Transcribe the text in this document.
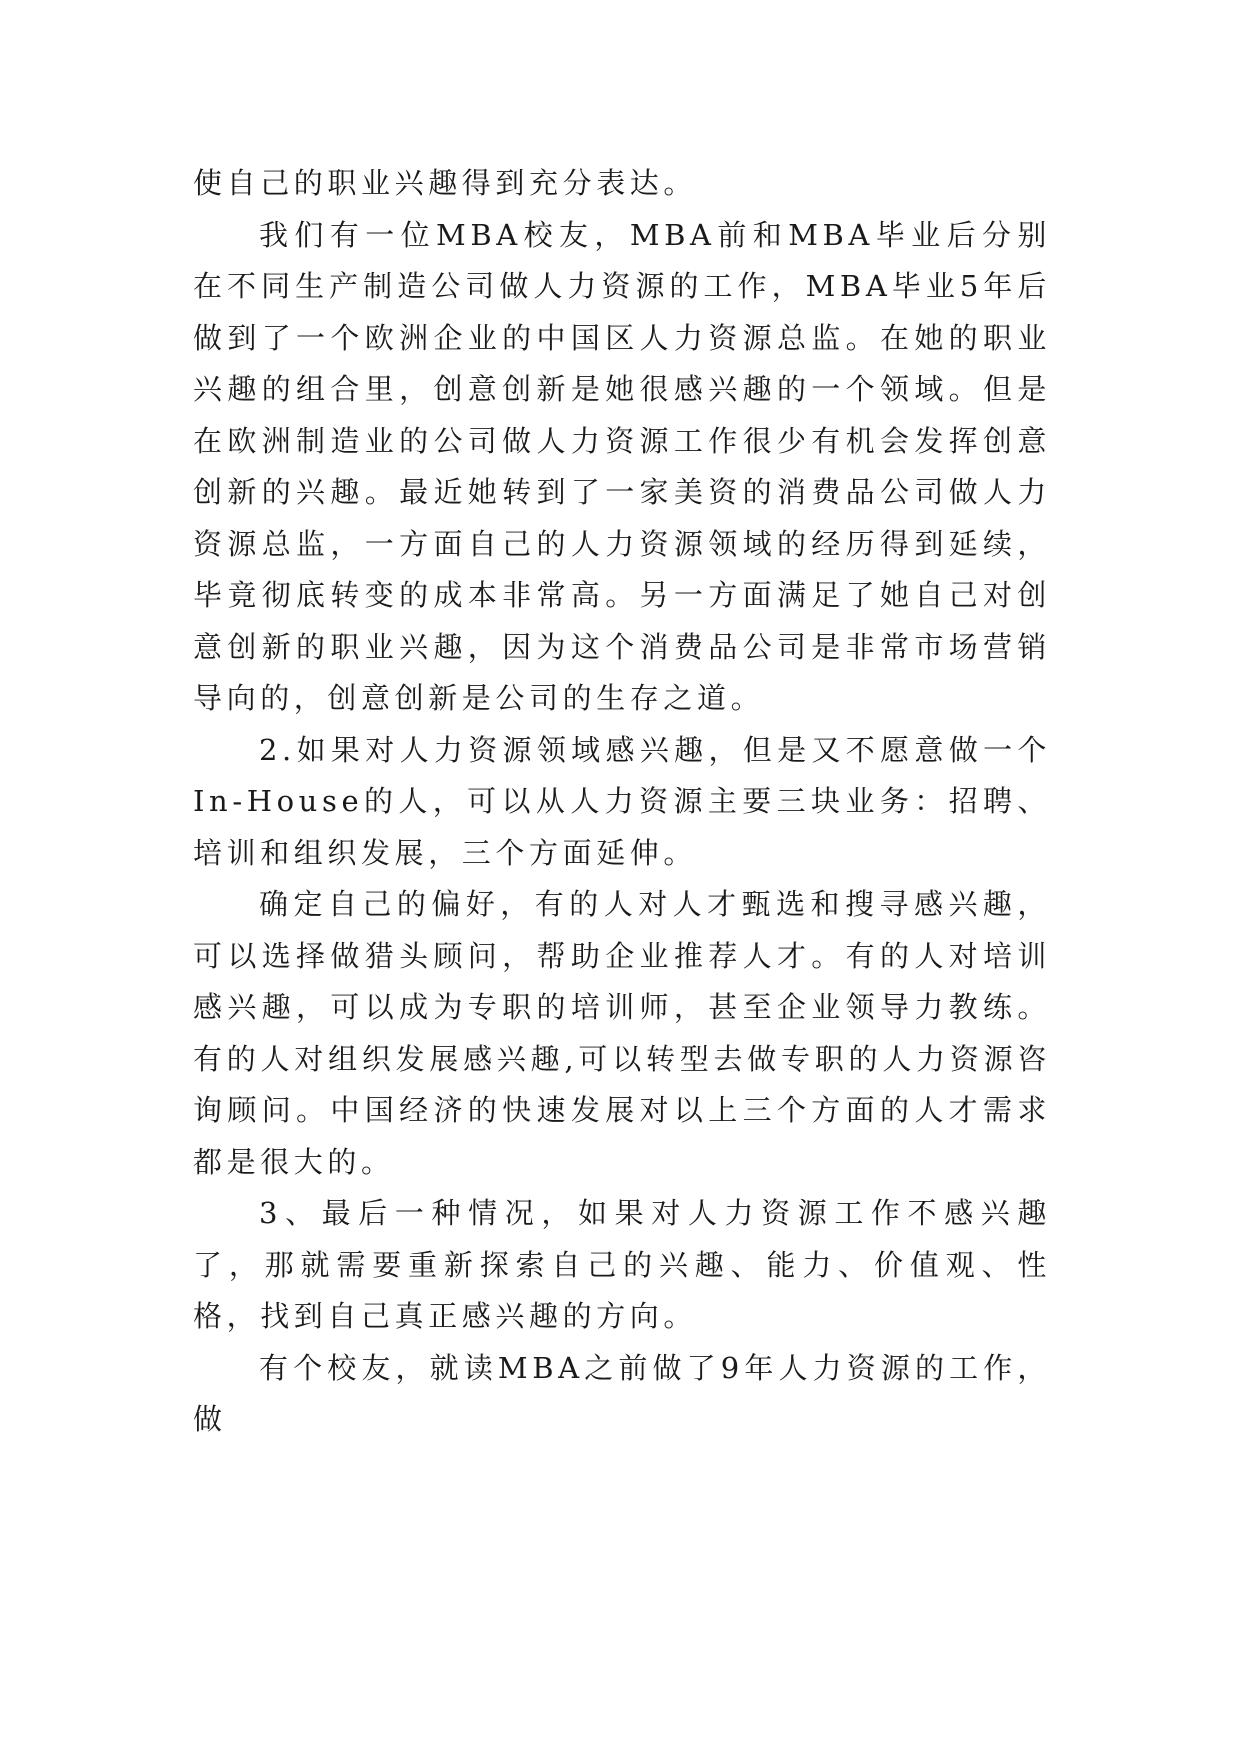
使自己的职业兴趣得到充分表达。

我们有一位MBA校友，MBA前和MBA毕业后分别在不同生产制造公司做人力资源的工作，MBA毕业5年后做到了一个欧洲企业的中国区人力资源总监。在她的职业兴趣的组合里，创意创新是她很感兴趣的一个领域。但是在欧洲制造业的公司做人力资源工作很少有机会发挥创意创新的兴趣。最近她转到了一家美资的消费品公司做人力资源总监，一方面自己的人力资源领域的经历得到延续，毕竟彻底转变的成本非常高。另一方面满足了她自己对创意创新的职业兴趣，因为这个消费品公司是非常市场营销导向的，创意创新是公司的生存之道。

2.如果对人力资源领域感兴趣，但是又不愿意做一个In-House的人，可以从人力资源主要三块业务：招聘、培训和组织发展，三个方面延伸。

确定自己的偏好，有的人对人才甄选和搜寻感兴趣，可以选择做猎头顾问，帮助企业推荐人才。有的人对培训感兴趣，可以成为专职的培训师，甚至企业领导力教练。有的人对组织发展感兴趣,可以转型去做专职的人力资源咨询顾问。中国经济的快速发展对以上三个方面的人才需求都是很大的。

3、最后一种情况，如果对人力资源工作不感兴趣了，那就需要重新探索自己的兴趣、能力、价值观、性格，找到自己真正感兴趣的方向。

有个校友，就读MBA之前做了9年人力资源的工作，做
